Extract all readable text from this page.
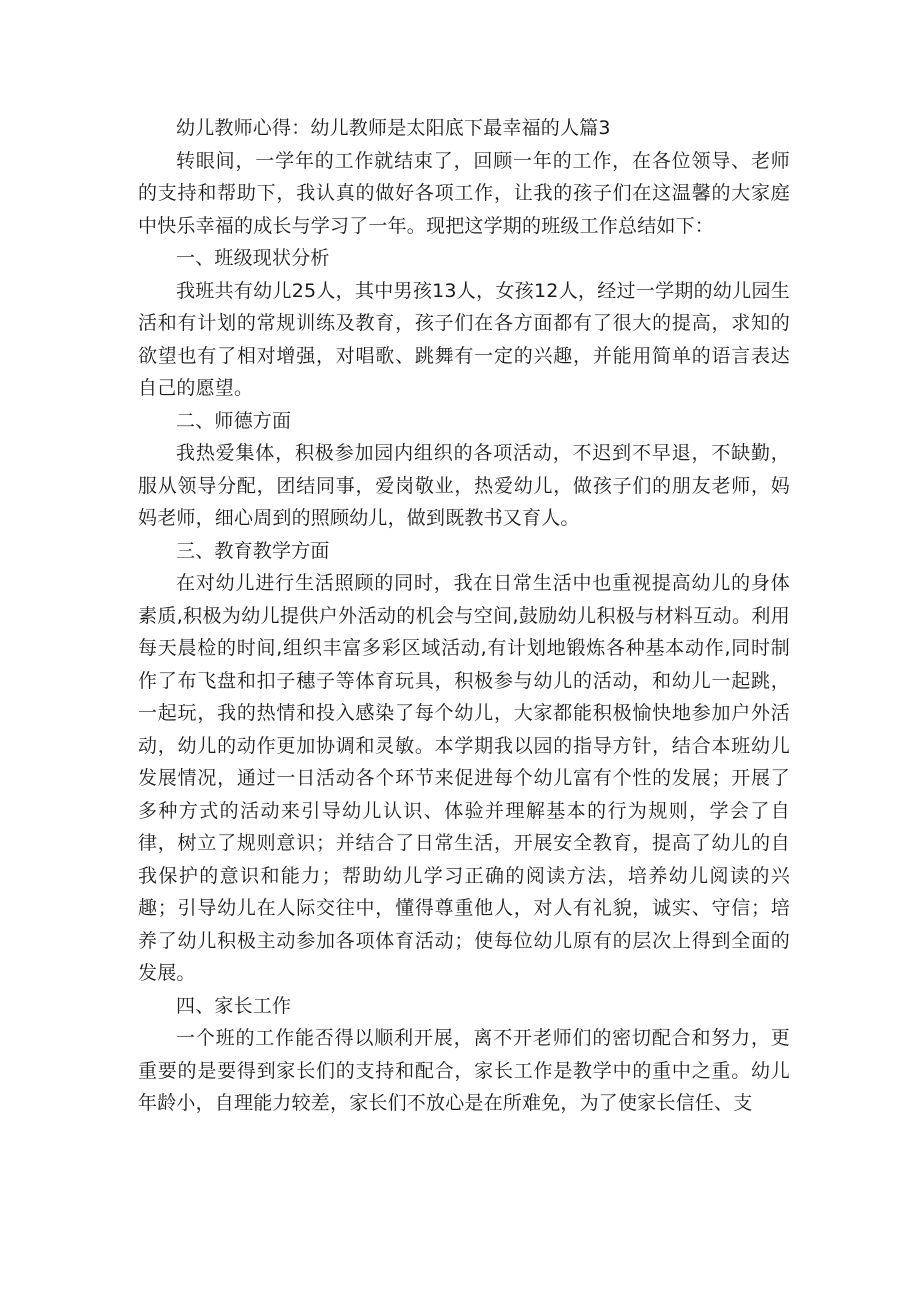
幼儿教师心得：幼儿教师是太阳底下最幸福的人篇3

转眼间，一学年的工作就结束了，回顾一年的工作，在各位领导、老师的支持和帮助下，我认真的做好各项工作，让我的孩子们在这温馨的大家庭中快乐幸福的成长与学习了一年。现把这学期的班级工作总结如下：

一、班级现状分析

我班共有幼儿25人，其中男孩13人，女孩12人，经过一学期的幼儿园生活和有计划的常规训练及教育，孩子们在各方面都有了很大的提高，求知的欲望也有了相对增强，对唱歌、跳舞有一定的兴趣，并能用简单的语言表达自己的愿望。

二、师德方面

我热爱集体，积极参加园内组织的各项活动，不迟到不早退，不缺勤，服从领导分配，团结同事，爱岗敬业，热爱幼儿，做孩子们的朋友老师，妈妈老师，细心周到的照顾幼儿，做到既教书又育人。

三、教育教学方面

在对幼儿进行生活照顾的同时，我在日常生活中也重视提高幼儿的身体素质,积极为幼儿提供户外活动的机会与空间,鼓励幼儿积极与材料互动。利用每天晨检的时间,组织丰富多彩区域活动,有计划地锻炼各种基本动作,同时制作了布飞盘和扣子穗子等体育玩具，积极参与幼儿的活动，和幼儿一起跳，一起玩，我的热情和投入感染了每个幼儿，大家都能积极愉快地参加户外活动，幼儿的动作更加协调和灵敏。本学期我以园的指导方针，结合本班幼儿发展情况，通过一日活动各个环节来促进每个幼儿富有个性的发展；开展了多种方式的活动来引导幼儿认识、体验并理解基本的行为规则，学会了自律，树立了规则意识；并结合了日常生活，开展安全教育，提高了幼儿的自我保护的意识和能力；帮助幼儿学习正确的阅读方法，培养幼儿阅读的兴趣；引导幼儿在人际交往中，懂得尊重他人，对人有礼貌，诚实、守信；培养了幼儿积极主动参加各项体育活动；使每位幼儿原有的层次上得到全面的发展。

四、家长工作

一个班的工作能否得以顺利开展，离不开老师们的密切配合和努力，更重要的是要得到家长们的支持和配合，家长工作是教学中的重中之重。幼儿年龄小，自理能力较差，家长们不放心是在所难免，为了使家长信任、支
